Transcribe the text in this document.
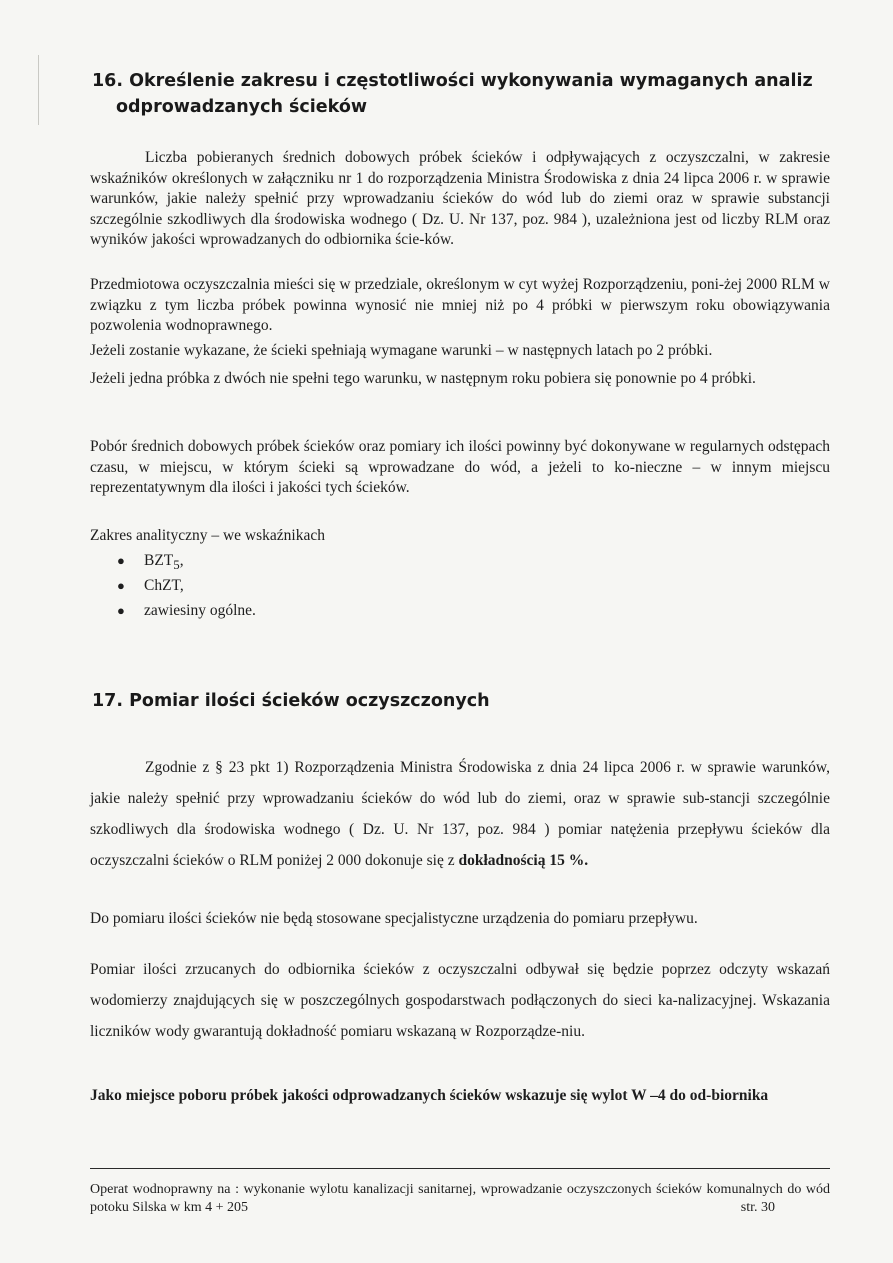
16. Określenie zakresu i częstotliwości wykonywania wymaganych analiz
odprowadzanych ścieków

Liczba pobieranych średnich dobowych próbek ścieków i odpływających z oczyszczalni, w zakresie wskaźników określonych w załączniku nr 1 do rozporządzenia Ministra Środowiska z dnia 24 lipca 2006 r. w sprawie warunków, jakie należy spełnić przy wprowadzaniu ścieków do wód lub do ziemi oraz w sprawie substancji szczególnie szkodliwych dla środowiska wodnego ( Dz. U. Nr 137, poz. 984 ), uzależniona jest od liczby RLM oraz wyników jakości wprowadzanych do odbiornika ście-ków.

Przedmiotowa oczyszczalnia mieści się w przedziale, określonym w cyt wyżej Rozporządzeniu, poni-żej 2000 RLM w związku z tym liczba próbek powinna wynosić nie mniej niż po 4 próbki w pierwszym roku obowiązywania pozwolenia wodnoprawnego.

Jeżeli zostanie wykazane, że ścieki spełniają wymagane warunki – w następnych latach po 2 próbki.

Jeżeli jedna próbka z dwóch nie spełni tego warunku, w następnym roku pobiera się ponownie po 4 próbki.

Pobór średnich dobowych próbek ścieków oraz pomiary ich ilości powinny być dokonywane w regularnych odstępach czasu, w miejscu, w którym ścieki są wprowadzane do wód, a jeżeli to ko-nieczne – w innym miejscu reprezentatywnym dla ilości i jakości tych ścieków.

Zakres analityczny – we wskaźnikach

● $BZT_5$,
● ChZT,
● zawiesiny ogólne.
17. Pomiar ilości ścieków oczyszczonych

Zgodnie z § 23 pkt 1) Rozporządzenia Ministra Środowiska z dnia 24 lipca 2006 r. w sprawie warunków, jakie należy spełnić przy wprowadzaniu ścieków do wód lub do ziemi, oraz w sprawie sub-stancji szczególnie szkodliwych dla środowiska wodnego ( Dz. U. Nr 137, poz. 984 ) pomiar natężenia przepływu ścieków dla oczyszczalni ścieków o RLM poniżej 2 000 dokonuje się z dokładnością 15 %.

Do pomiaru ilości ścieków nie będą stosowane specjalistyczne urządzenia do pomiaru przepływu.

Pomiar ilości zrzucanych do odbiornika ścieków z oczyszczalni odbywał się będzie poprzez odczyty wskazań wodomierzy znajdujących się w poszczególnych gospodarstwach podłączonych do sieci ka-nalizacyjnej. Wskazania liczników wody gwarantują dokładność pomiaru wskazaną w Rozporządze-niu.

Jako miejsce poboru próbek jakości odprowadzanych ścieków wskazuje się wylot W –4 do od-biornika

Operat wodnoprawny na : wykonanie wylotu kanalizacji sanitarnej, wprowadzanie oczyszczonych ścieków komunalnych do wód potoku Silska w km 4 + 205	str. 30
